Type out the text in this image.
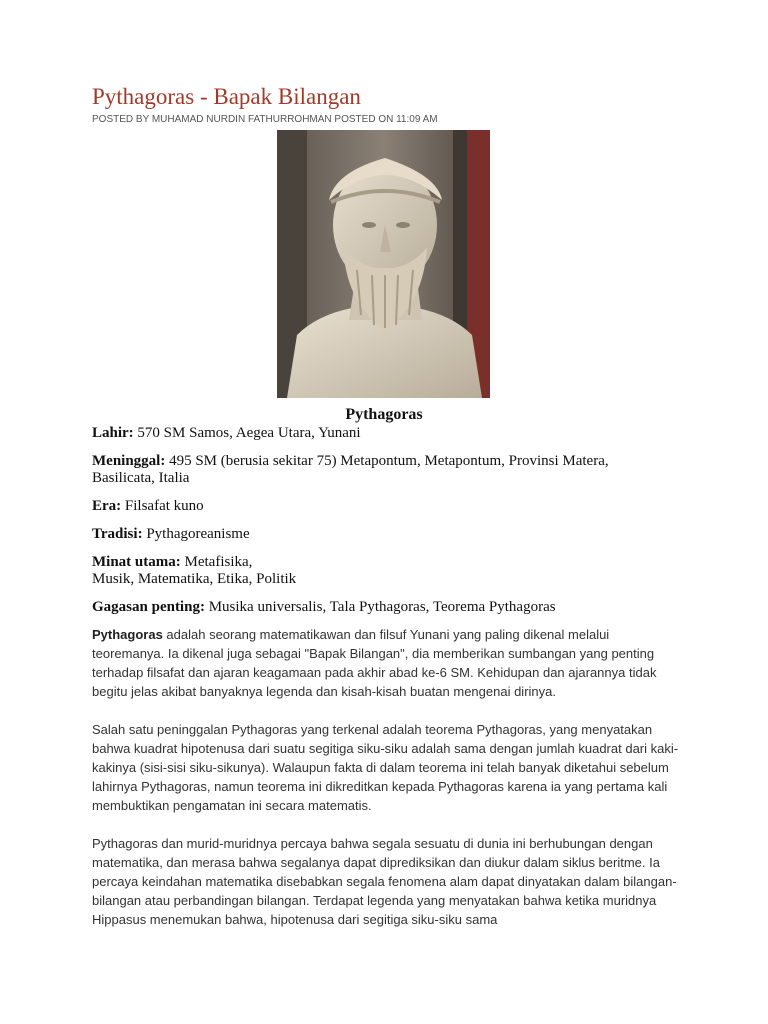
Pythagoras - Bapak Bilangan
POSTED BY MUHAMAD NURDIN FATHURROHMAN POSTED ON 11:09 AM
Pythagoras

Lahir: 570 SM Samos, Aegea Utara, Yunani

Meninggal: 495 SM (berusia sekitar 75) Metapontum, Metapontum, Provinsi Matera, Basilicata, Italia

Era: Filsafat kuno

Tradisi: Pythagoreanisme

Minat utama: Metafisika,
Musik, Matematika, Etika, Politik

Gagasan penting: Musika universalis, Tala Pythagoras, Teorema Pythagoras

Pythagoras adalah seorang matematikawan dan filsuf Yunani yang paling dikenal melalui teoremanya. Ia dikenal juga sebagai "Bapak Bilangan", dia memberikan sumbangan yang penting terhadap filsafat dan ajaran keagamaan pada akhir abad ke-6 SM. Kehidupan dan ajarannya tidak begitu jelas akibat banyaknya legenda dan kisah-kisah buatan mengenai dirinya.

Salah satu peninggalan Pythagoras yang terkenal adalah teorema Pythagoras, yang menyatakan bahwa kuadrat hipotenusa dari suatu segitiga siku-siku adalah sama dengan jumlah kuadrat dari kaki-kakinya (sisi-sisi siku-sikunya). Walaupun fakta di dalam teorema ini telah banyak diketahui sebelum lahirnya Pythagoras, namun teorema ini dikreditkan kepada Pythagoras karena ia yang pertama kali membuktikan pengamatan ini secara matematis.

Pythagoras dan murid-muridnya percaya bahwa segala sesuatu di dunia ini berhubungan dengan matematika, dan merasa bahwa segalanya dapat diprediksikan dan diukur dalam siklus beritme. Ia percaya keindahan matematika disebabkan segala fenomena alam dapat dinyatakan dalam bilangan-bilangan atau perbandingan bilangan. Terdapat legenda yang menyatakan bahwa ketika muridnya Hippasus menemukan bahwa, hipotenusa dari segitiga siku-siku sama
